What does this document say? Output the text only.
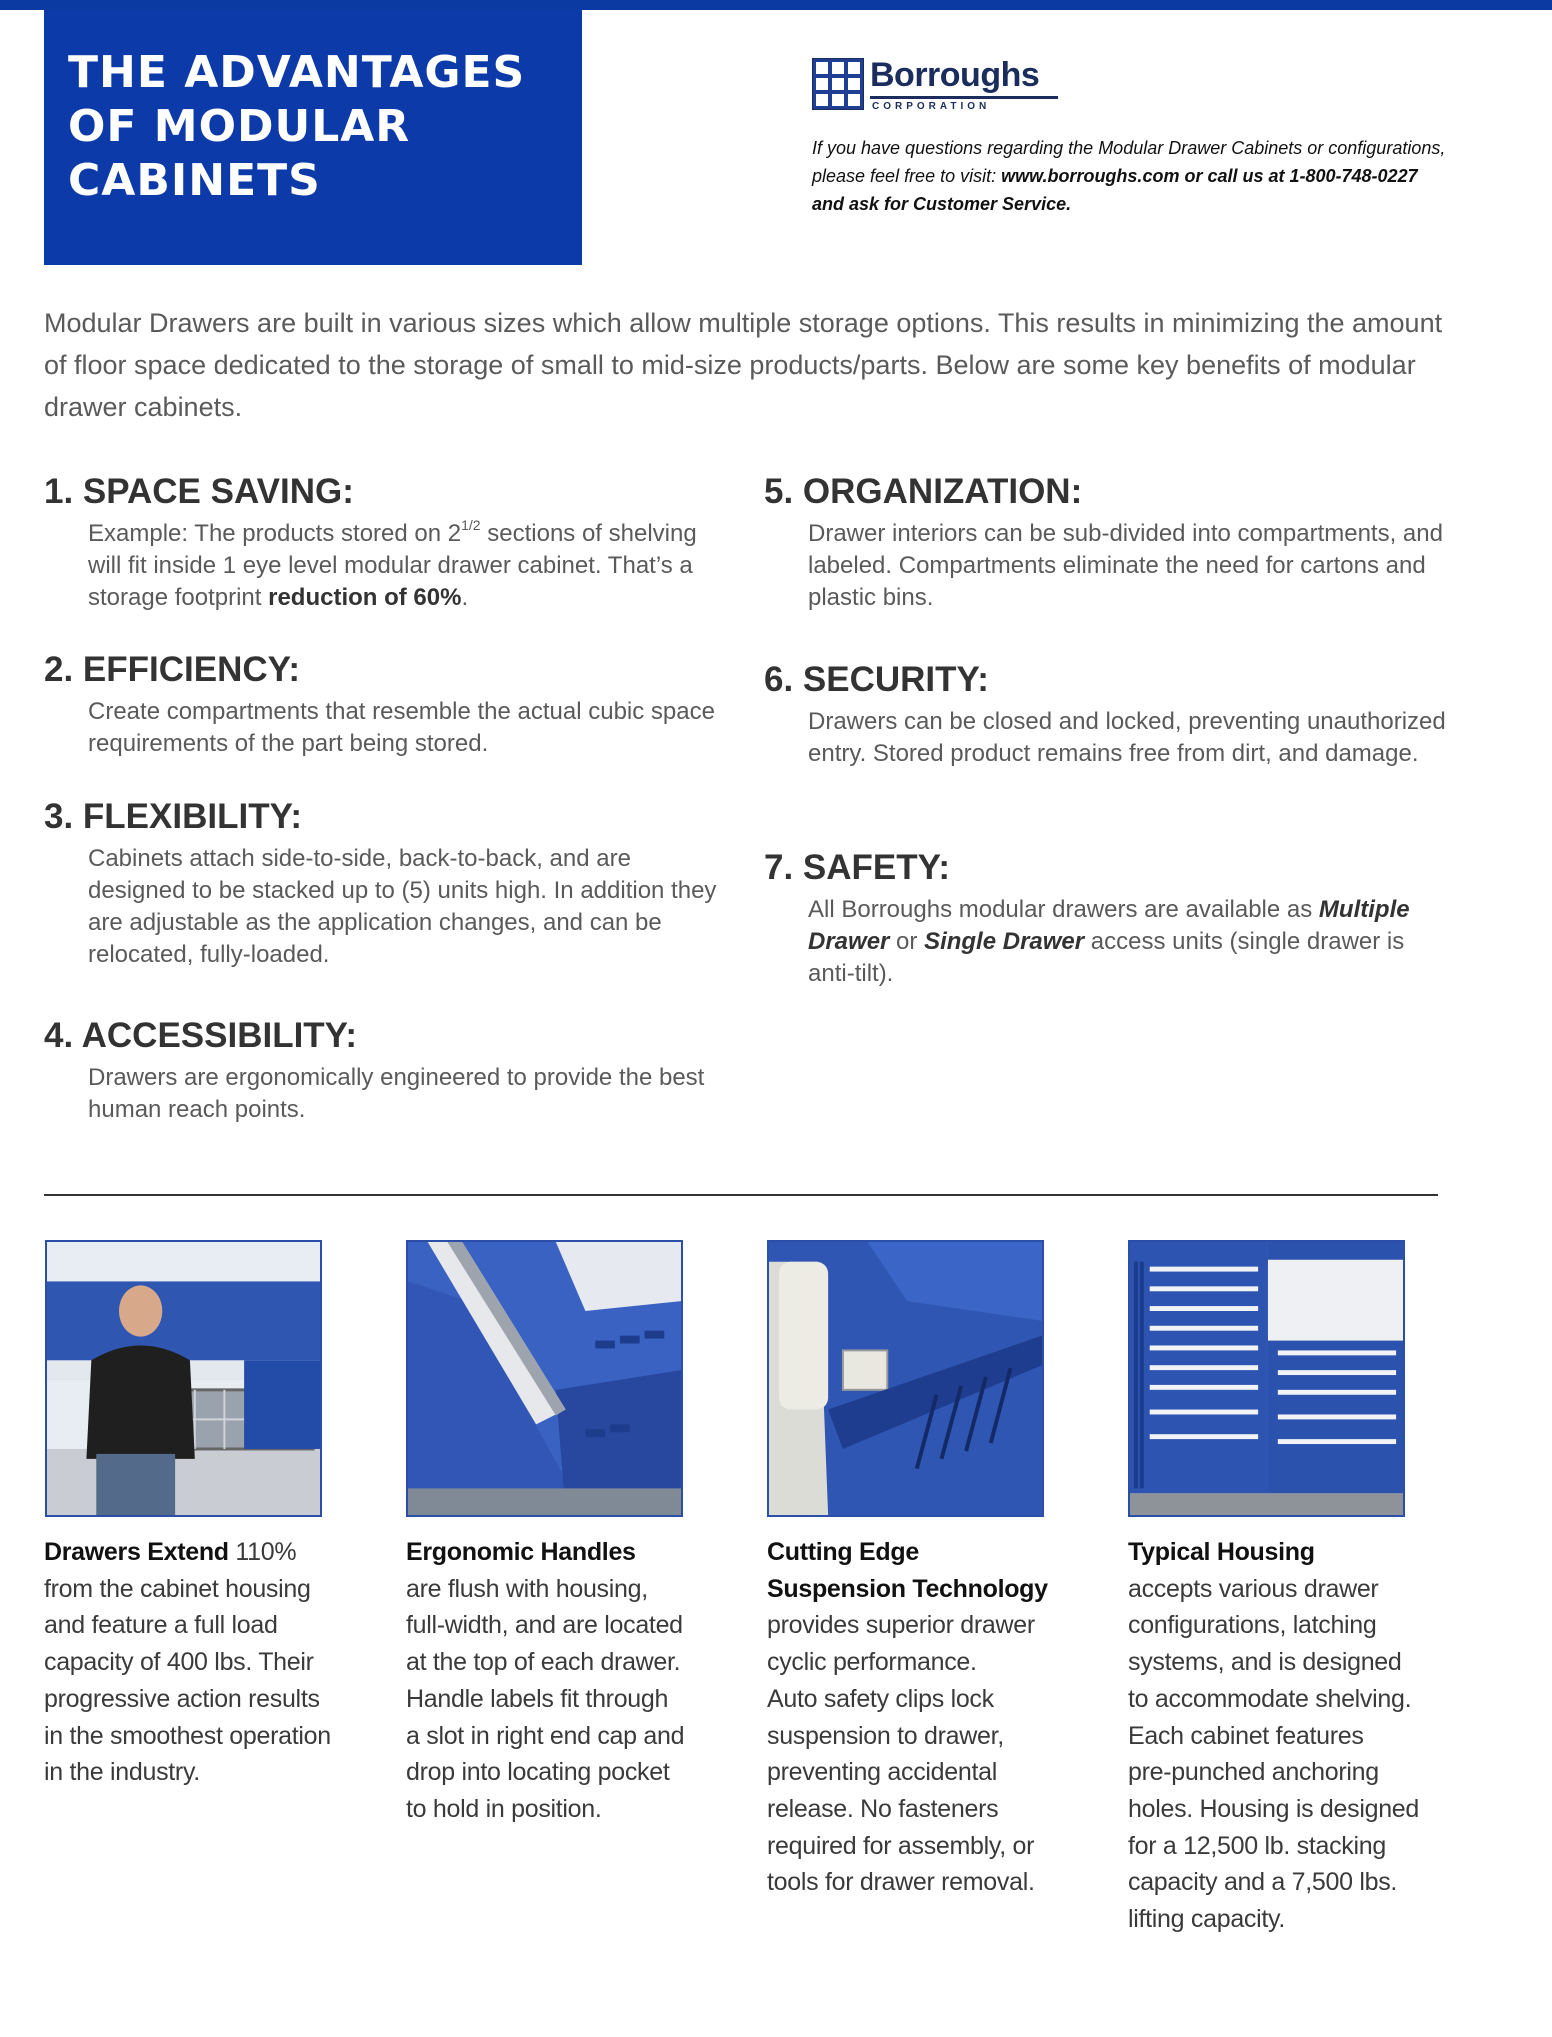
THE ADVANTAGES
OF MODULAR
CABINETS
Borroughs
CORPORATION
If you have questions regarding the Modular Drawer Cabinets or configurations,
please feel free to visit: www.borroughs.com or call us at 1-800-748-0227
and ask for Customer Service.

Modular Drawers are built in various sizes which allow multiple storage options. This results in minimizing the amount of floor space dedicated to the storage of small to mid-size products/parts. Below are some key benefits of modular drawer cabinets.

1. SPACE SAVING:

Example: The products stored on $2^{1/2}$ sections of shelving will fit inside 1 eye level modular drawer cabinet. That’s a storage footprint reduction of 60%.

2. EFFICIENCY:

Create compartments that resemble the actual cubic space requirements of the part being stored.

3. FLEXIBILITY:

Cabinets attach side-to-side, back-to-back, and are designed to be stacked up to (5) units high. In addition they are adjustable as the application changes, and can be relocated, fully-loaded.

4. ACCESSIBILITY:

Drawers are ergonomically engineered to provide the best human reach points.

5. ORGANIZATION:

Drawer interiors can be sub-divided into compartments, and labeled. Compartments eliminate the need for cartons and plastic bins.

6. SECURITY:

Drawers can be closed and locked, preventing unauthorized entry. Stored product remains free from dirt, and damage.

7. SAFETY:

All Borroughs modular drawers are available as Multiple Drawer or Single Drawer access units (single drawer is anti-tilt).

Drawers Extend 110%
from the cabinet housing
and feature a full load
capacity of 400 lbs. Their
progressive action results
in the smoothest operation
in the industry.
Ergonomic Handles
are flush with housing,
full-width, and are located
at the top of each drawer.
Handle labels fit through
a slot in right end cap and
drop into locating pocket
to hold in position.
Cutting Edge
Suspension Technology
provides superior drawer
cyclic performance.
Auto safety clips lock
suspension to drawer,
preventing accidental
release. No fasteners
required for assembly, or
tools for drawer removal.
Typical Housing
accepts various drawer
configurations, latching
systems, and is designed
to accommodate shelving.
Each cabinet features
pre-punched anchoring
holes. Housing is designed
for a 12,500 lb. stacking
capacity and a 7,500 lbs.
lifting capacity.
